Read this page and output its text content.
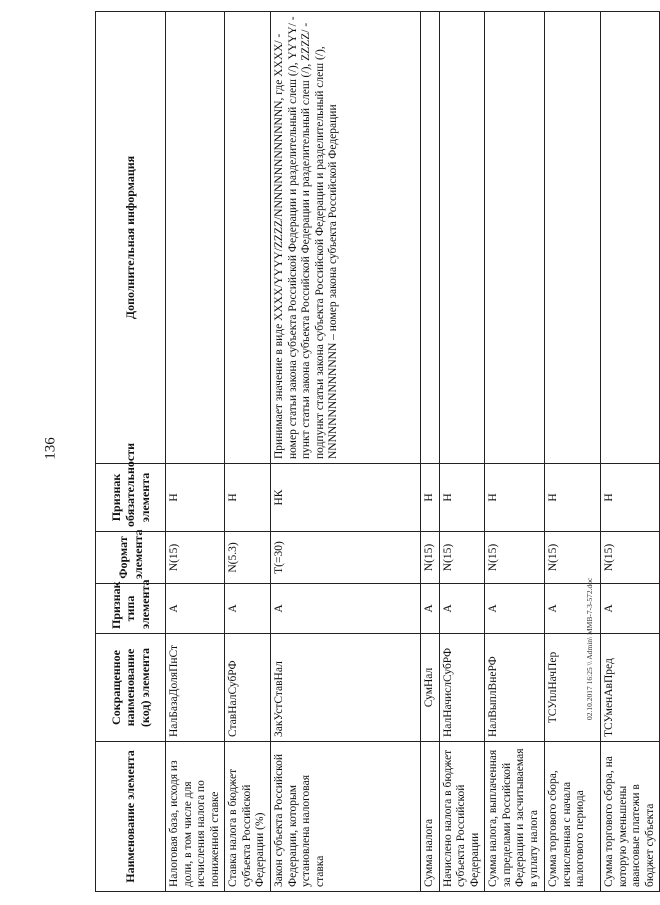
136
Наименование элемента	Сокращенное наименование (код) элемента	Признак типа элемента	Формат элемента	Признак обязательности элемента	Дополнительная информация
Налоговая база, исходя из доли, в том числе для исчисления налога по пониженной ставке	НалБазаДоляПнСт	А	N(15)	Н	
Ставка налога в бюджет субъекта Российской Федерации (%)	СтавНалСубРФ	А	N(5.3)	Н	
Закон субъекта Российской Федерации, которым установлена налоговая ставка	ЗакУстСтавНал	А	T(=30)	НК	Принимает значение в виде XXXX/YYYY/ZZZZ/NNNNNNNNNNNNNN, где XXXX/ - номер статьи закона субъекта Российской Федерации и разделительный слеш (/), YYYY/ - пункт статьи закона субъекта Российской Федерации и разделительный слеш (/), ZZZZ/ - подпункт статьи закона субъекта Российской Федерации и разделительный слеш (/), NNNNNNNNNNNNNN – номер закона субъекта Российской Федерации
Сумма налога	СумНал	А	N(15)	Н	
Начислено налога в бюджет субъекта Российской Федерации	НалНачислСубРФ	А	N(15)	Н	
Сумма налога, выплаченная за пределами Российской Федерации и засчитываемая в уплату налога	НалВыплВнеРФ	А	N(15)	Н	
Сумма торгового сбора, исчисленная с начала налогового периода	ТСУплНачПер	А	N(15)	Н	
Сумма торгового сбора, на которую уменьшены авансовые платежи в бюджет субъекта	ТСУменАвПред	А	N(15)	Н	
02.10.2017 16:25 \\ Admin\ ММВ-7-3-572.doc
